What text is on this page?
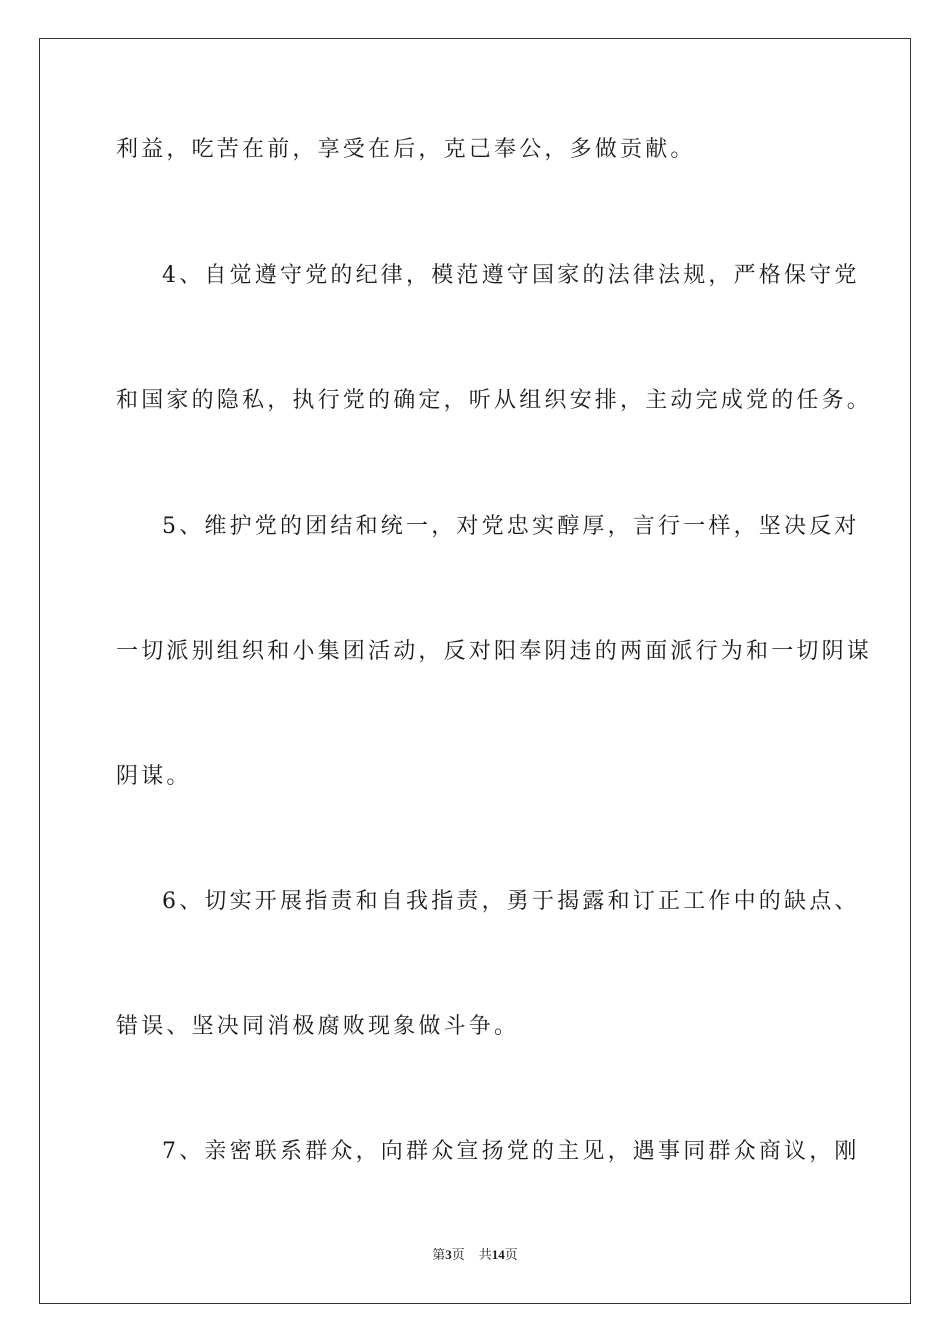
利益，吃苦在前，享受在后，克己奉公，多做贡献。
4、自觉遵守党的纪律，模范遵守国家的法律法规，严格保守党
和国家的隐私，执行党的确定，听从组织安排，主动完成党的任务。
5、维护党的团结和统一，对党忠实醇厚，言行一样，坚决反对
一切派别组织和小集团活动，反对阳奉阴违的两面派行为和一切阴谋
阴谋。
6、切实开展指责和自我指责，勇于揭露和订正工作中的缺点、
错误、坚决同消极腐败现象做斗争。
7、亲密联系群众，向群众宣扬党的主见，遇事同群众商议，刚
第3页 共14页
